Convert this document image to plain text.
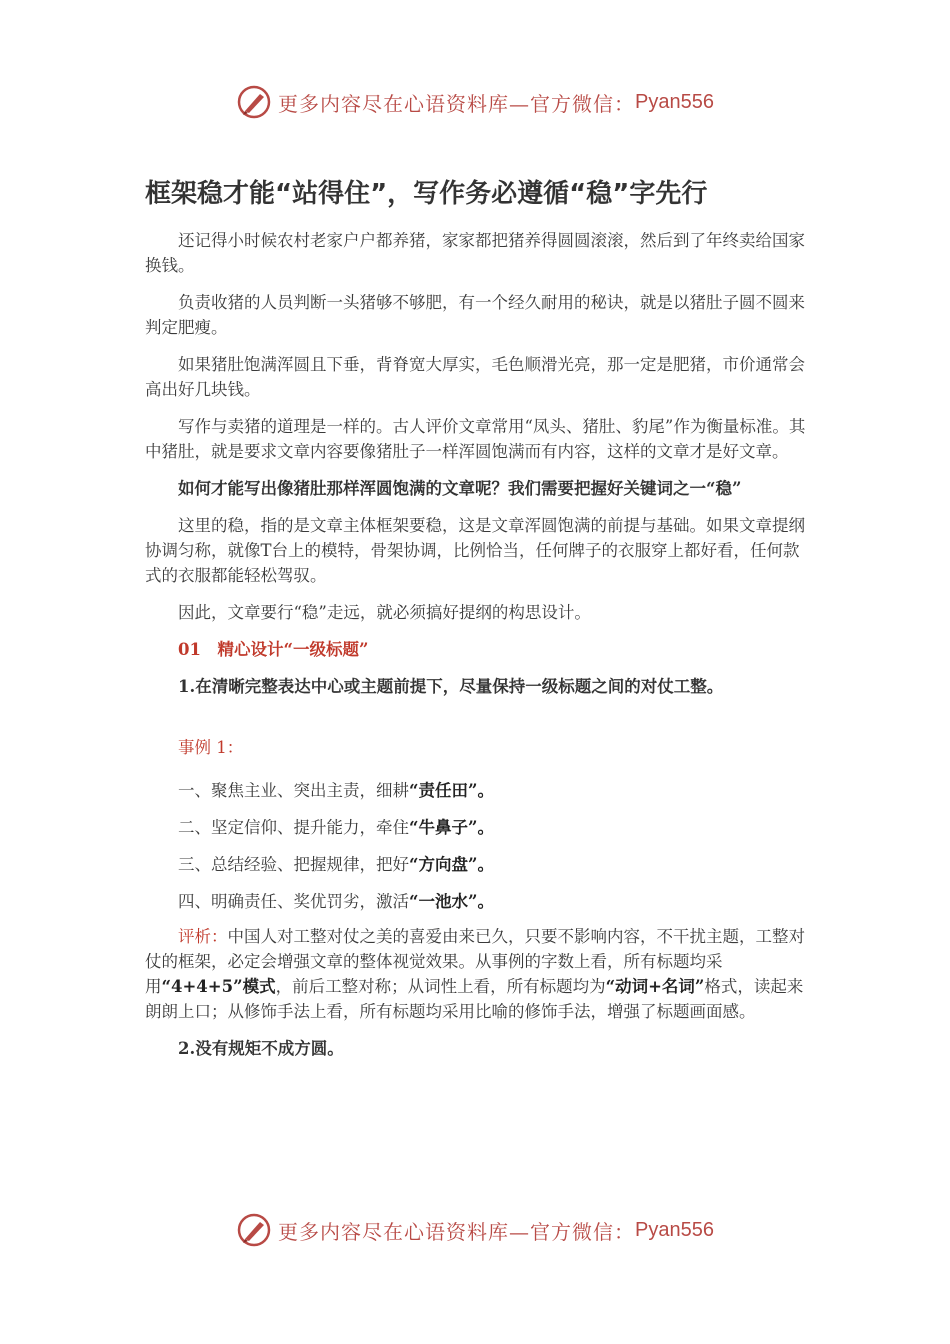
更多内容尽在心语资料库—官方微信： Pyan556
框架稳才能“站得住”，写作务必遵循“稳”字先行

还记得小时候农村老家户户都养猪，家家都把猪养得圆圆滚滚，然后到了年终卖给国家换钱。

负责收猪的人员判断一头猪够不够肥，有一个经久耐用的秘诀，就是以猪肚子圆不圆来判定肥瘦。

如果猪肚饱满浑圆且下垂，背脊宽大厚实，毛色顺滑光亮，那一定是肥猪，市价通常会高出好几块钱。

写作与卖猪的道理是一样的。古人评价文章常用“凤头、猪肚、豹尾”作为衡量标准。其中猪肚，就是要求文章内容要像猪肚子一样浑圆饱满而有内容，这样的文章才是好文章。

如何才能写出像猪肚那样浑圆饱满的文章呢？我们需要把握好关键词之一“稳”

这里的稳，指的是文章主体框架要稳，这是文章浑圆饱满的前提与基础。如果文章提纲协调匀称，就像T台上的模特，骨架协调，比例恰当，任何牌子的衣服穿上都好看，任何款式的衣服都能轻松驾驭。

因此，文章要行“稳”走远，就必须搞好提纲的构思设计。

01　精心设计“一级标题”

1.在清晰完整表达中心或主题前提下，尽量保持一级标题之间的对仗工整。

事例 1：

一、聚焦主业、突出主责，细耕“责任田”。

二、坚定信仰、提升能力，牵住“牛鼻子”。

三、总结经验、把握规律，把好“方向盘”。

四、明确责任、奖优罚劣，激活“一池水”。

评析：中国人对工整对仗之美的喜爱由来已久，只要不影响内容，不干扰主题，工整对仗的框架，必定会增强文章的整体视觉效果。从事例的字数上看，所有标题均采用“4+4+5”模式，前后工整对称；从词性上看，所有标题均为“动词+名词”格式，读起来朗朗上口；从修饰手法上看，所有标题均采用比喻的修饰手法，增强了标题画面感。

2.没有规矩不成方圆。

更多内容尽在心语资料库—官方微信： Pyan556
